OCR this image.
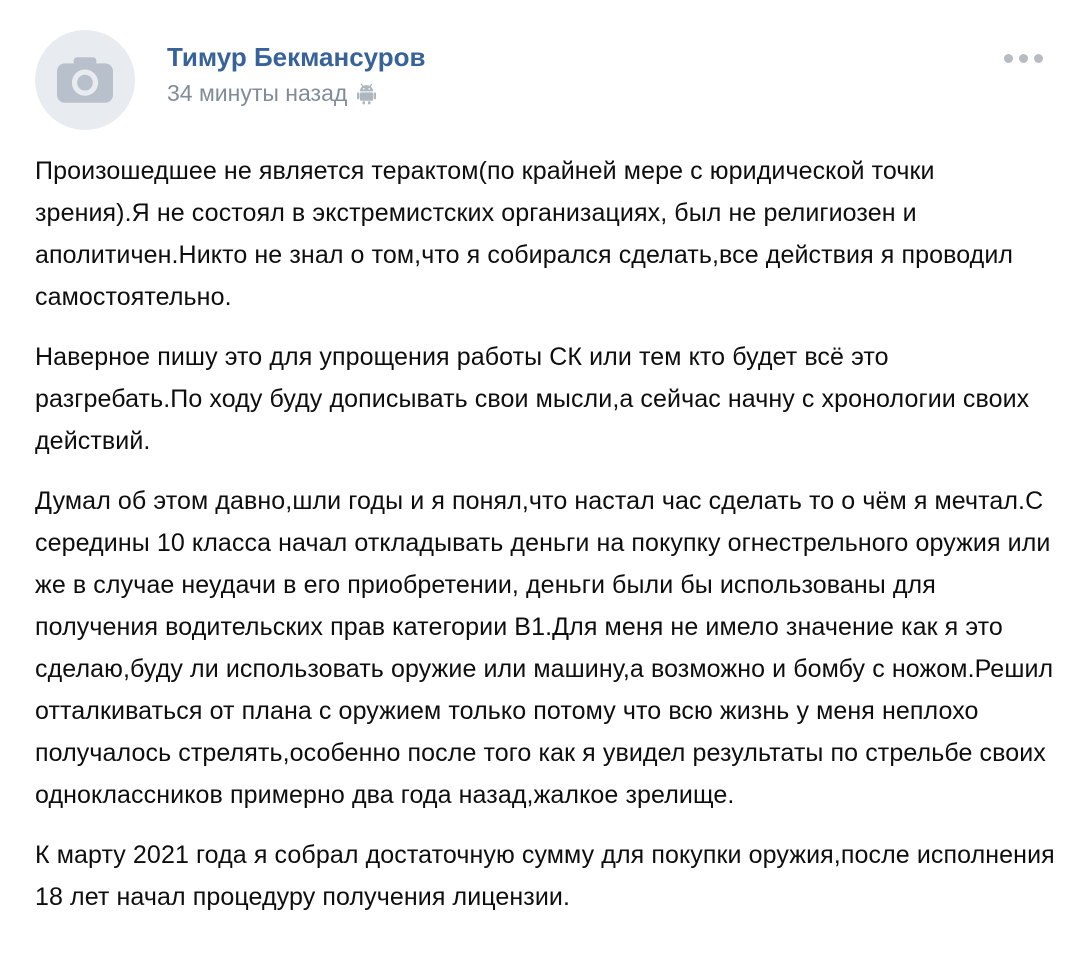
Тимур Бекмансуров
34 минуты назад

Произошедшее не является терактом(по крайней мере с юридической точки зрения).Я не состоял в экстремистских организациях, был не религиозен и аполитичен.Никто не знал о том,что я собирался сделать,все действия я проводил самостоятельно.

Наверное пишу это для упрощения работы СК или тем кто будет всё это разгребать.По ходу буду дописывать свои мысли,а сейчас начну с хронологии своих действий.

Думал об этом давно,шли годы и я понял,что настал час сделать то о чём я мечтал.С середины 10 класса начал откладывать деньги на покупку огнестрельного оружия или же в случае неудачи в его приобретении, деньги были бы использованы для получения водительских прав категории В1.Для меня не имело значение как я это сделаю,буду ли использовать оружие или машину,а возможно и бомбу с ножом.Решил отталкиваться от плана с оружием только потому что всю жизнь у меня неплохо получалось стрелять,особенно после того как я увидел результаты по стрельбе своих одноклассников примерно два года назад,жалкое зрелище.

К марту 2021 года я собрал достаточную сумму для покупки оружия,после исполнения 18 лет начал процедуру получения лицензии.
